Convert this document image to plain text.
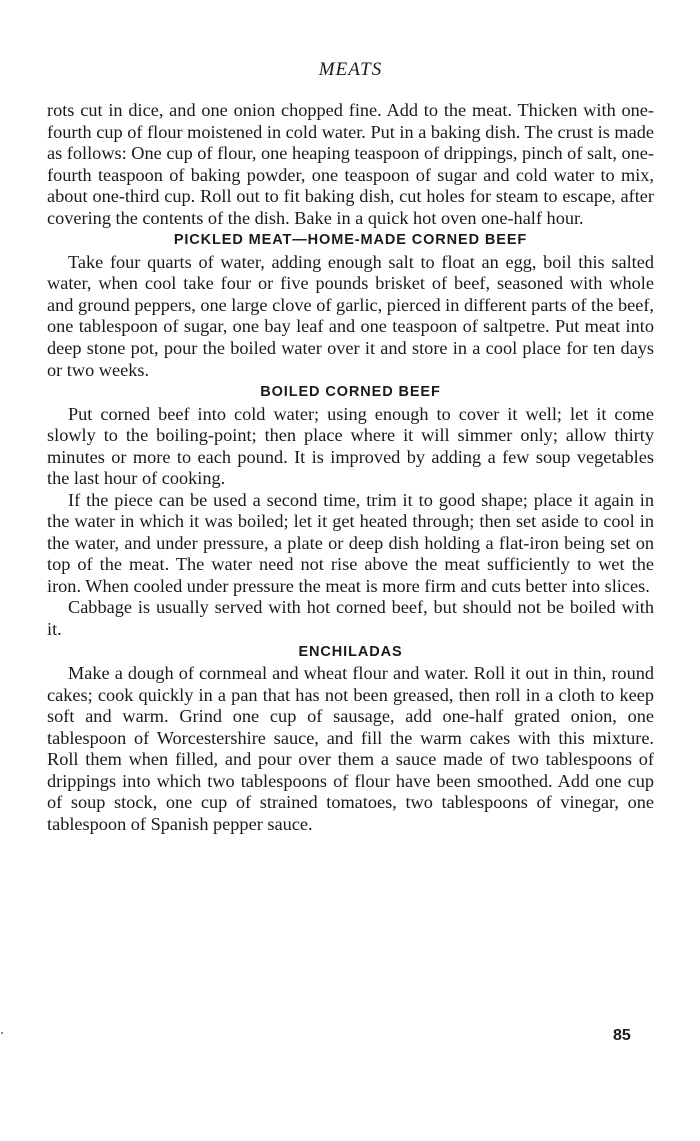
MEATS

rots cut in dice, and one onion chopped fine. Add to the meat. Thicken with one-fourth cup of flour moistened in cold water. Put in a baking dish. The crust is made as follows: One cup of flour, one heaping teaspoon of drippings, pinch of salt, one-fourth teaspoon of baking powder, one teaspoon of sugar and cold water to mix, about one-third cup. Roll out to fit baking dish, cut holes for steam to escape, after covering the contents of the dish. Bake in a quick hot oven one-half hour.

PICKLED MEAT—HOME-MADE CORNED BEEF

Take four quarts of water, adding enough salt to float an egg, boil this salted water, when cool take four or five pounds brisket of beef, seasoned with whole and ground peppers, one large clove of garlic, pierced in different parts of the beef, one tablespoon of sugar, one bay leaf and one teaspoon of saltpetre. Put meat into deep stone pot, pour the boiled water over it and store in a cool place for ten days or two weeks.

BOILED CORNED BEEF

Put corned beef into cold water; using enough to cover it well; let it come slowly to the boiling-point; then place where it will simmer only; allow thirty minutes or more to each pound. It is improved by adding a few soup vegetables the last hour of cooking.

If the piece can be used a second time, trim it to good shape; place it again in the water in which it was boiled; let it get heated through; then set aside to cool in the water, and under pressure, a plate or deep dish holding a flat-iron being set on top of the meat. The water need not rise above the meat sufficiently to wet the iron. When cooled under pressure the meat is more firm and cuts better into slices.

Cabbage is usually served with hot corned beef, but should not be boiled with it.

ENCHILADAS

Make a dough of cornmeal and wheat flour and water. Roll it out in thin, round cakes; cook quickly in a pan that has not been greased, then roll in a cloth to keep soft and warm. Grind one cup of sausage, add one-half grated onion, one tablespoon of Worcestershire sauce, and fill the warm cakes with this mixture. Roll them when filled, and pour over them a sauce made of two tablespoons of drippings into which two tablespoons of flour have been smoothed. Add one cup of soup stock, one cup of strained tomatoes, two tablespoons of vinegar, one tablespoon of Spanish pepper sauce.

85
